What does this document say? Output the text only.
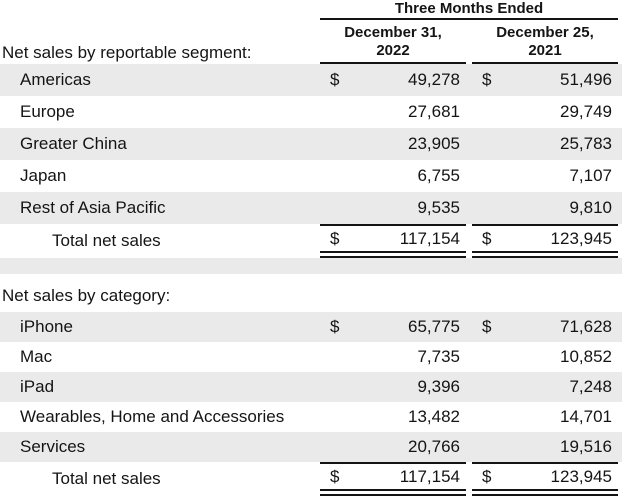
Three Months Ended
Net sales by reportable segment:
December 31,
2022
December 25,
2021
Americas	$	49,278 $	51,496
Europe	27,681	29,749
Greater China	23,905	25,783
Japan	6,755	7,107
Rest of Asia Pacific	9,535	9,810
Total net sales	$	117,154 $	123,945
Net sales by category:
iPhone	$	65,775 $	71,628
Mac	7,735	10,852
iPad	9,396	7,248
Wearables, Home and Accessories	13,482	14,701
Services	20,766	19,516
Total net sales	$	117,154 $	123,945
